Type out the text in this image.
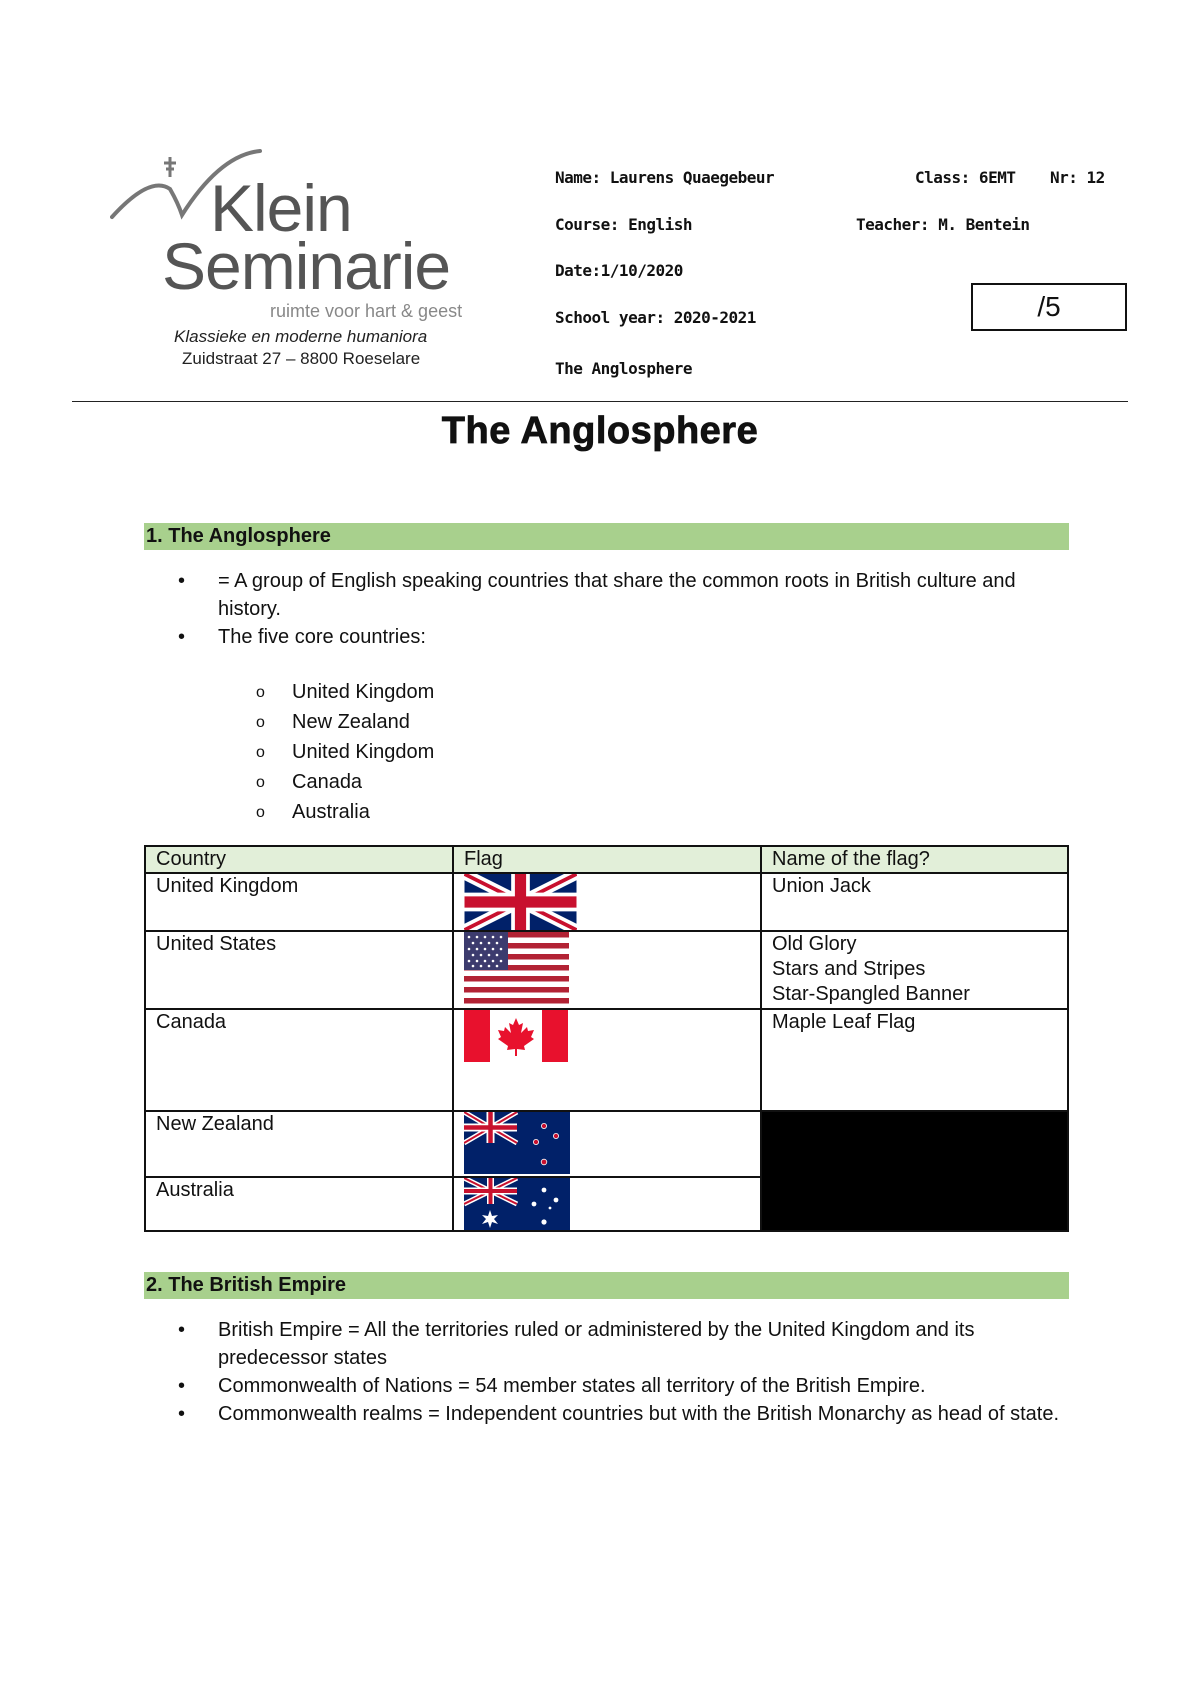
Klein
Seminarie
ruimte voor hart & geest
Klassieke en moderne humaniora
Zuidstraat 27 – 8800 Roeselare
Name: Laurens Quaegebeur	Class: 6EMT Nr: 12
Course: English	Teacher: M. Bentein
Date:1/10/2020
School year: 2020-2021
The Anglosphere
/5
The Anglosphere
1. The Anglosphere
• = A group of English speaking countries that share the common roots in British culture and history.
• The five core countries:
o United Kingdom
o New Zealand
o United Kingdom
o Canada
o Australia
Country	Flag	Name of the flag?
United Kingdom		Union Jack

United States		Old Glory
Stars and Stripes
Star-Spangled Banner

Canada		Maple Leaf Flag

New Zealand	

Australia	
2. The British Empire
• British Empire = All the territories ruled or administered by the United Kingdom and its predecessor states
• Commonwealth of Nations = 54 member states all territory of the British Empire.
• Commonwealth realms = Independent countries but with the British Monarchy as head of state.
